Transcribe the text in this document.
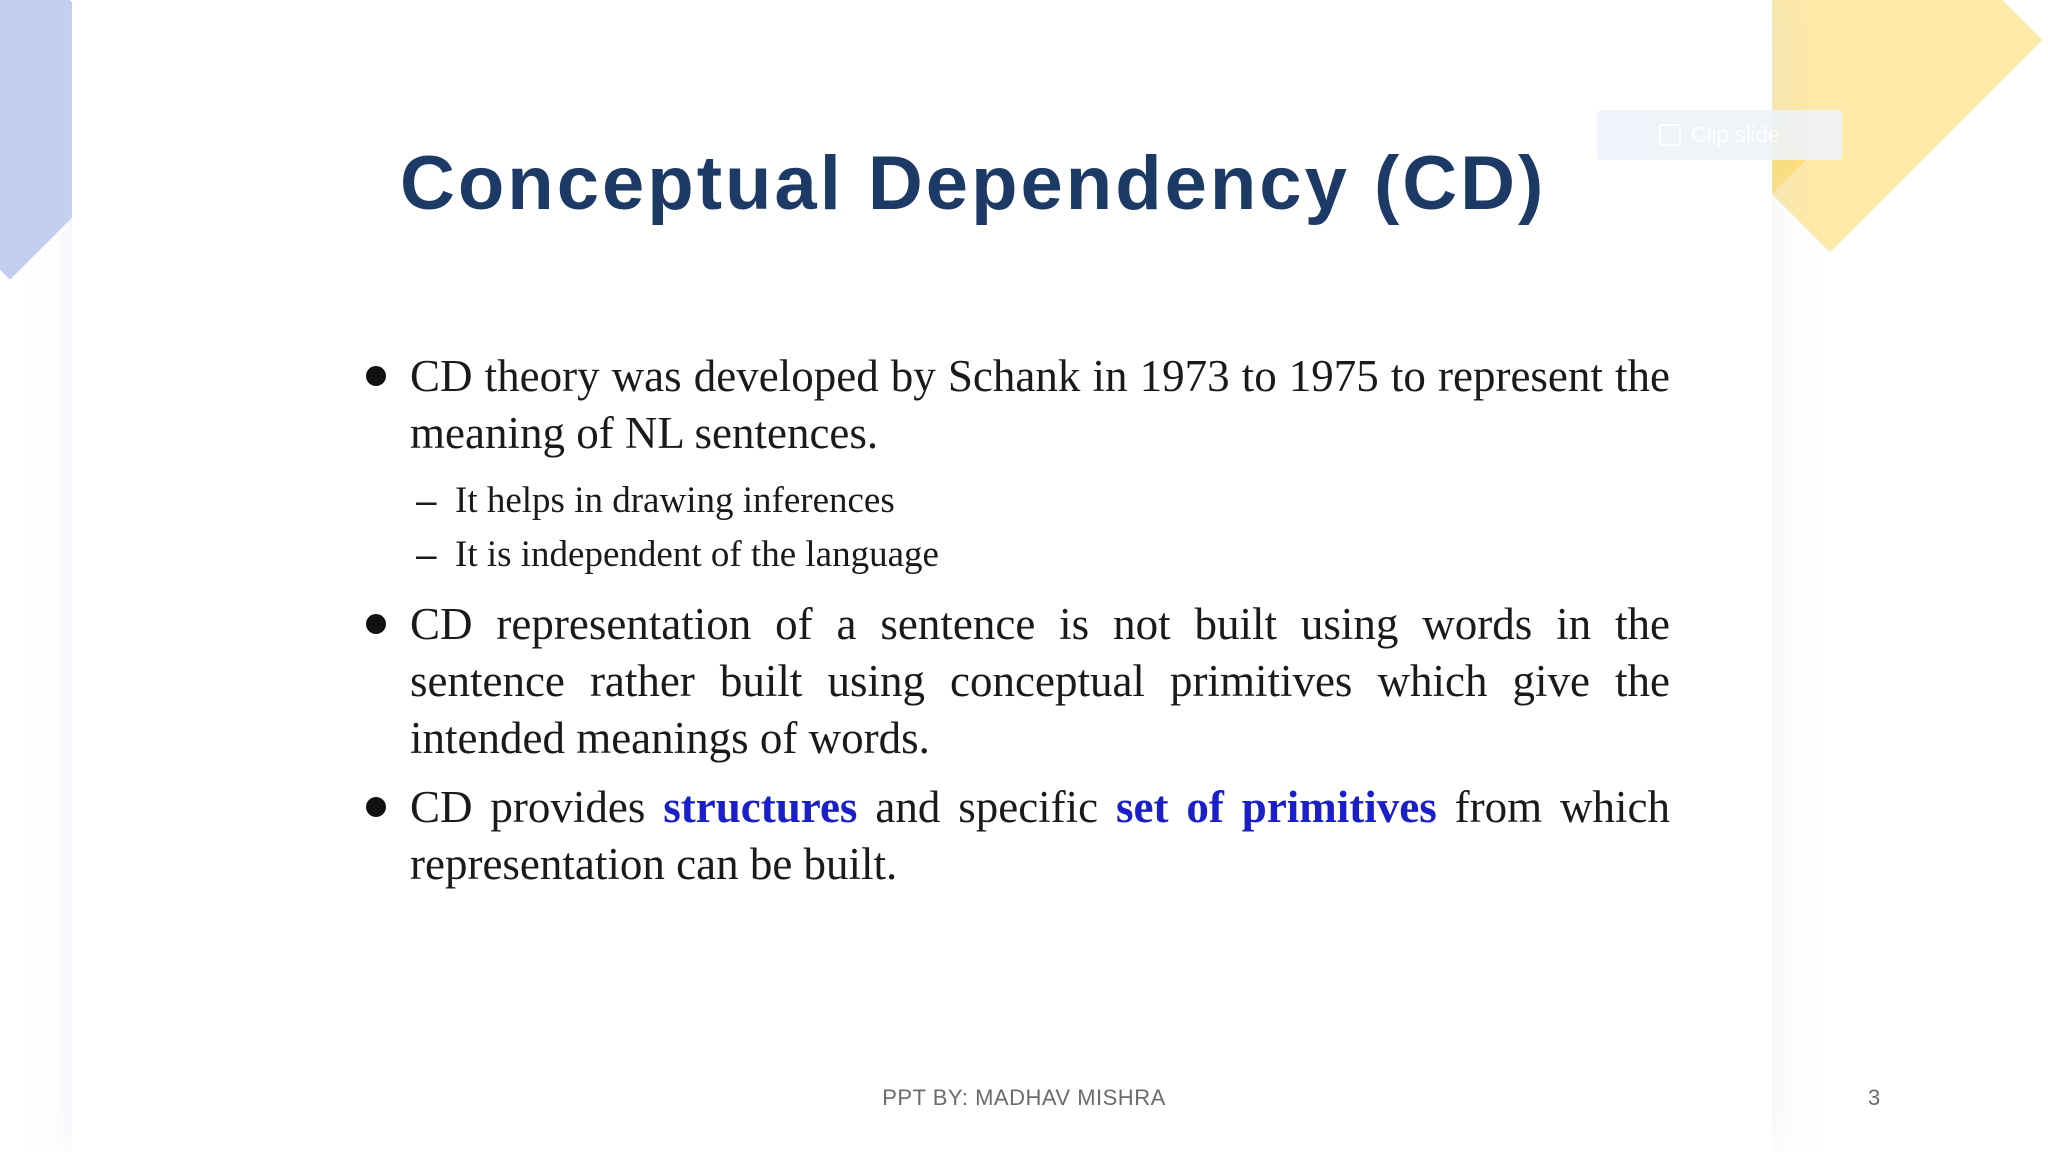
Clip slide
Conceptual Dependency (CD)

CD theory was developed by Schank in 1973 to 1975 to represent the meaning of NL sentences.

– It helps in drawing inferences
– It is independent of the language

CD representation of a sentence is not built using words in the sentence rather built using conceptual primitives which give the intended meanings of words.

CD provides structures and specific set of primitives from which representation can be built.

PPT BY: MADHAV MISHRA	3
